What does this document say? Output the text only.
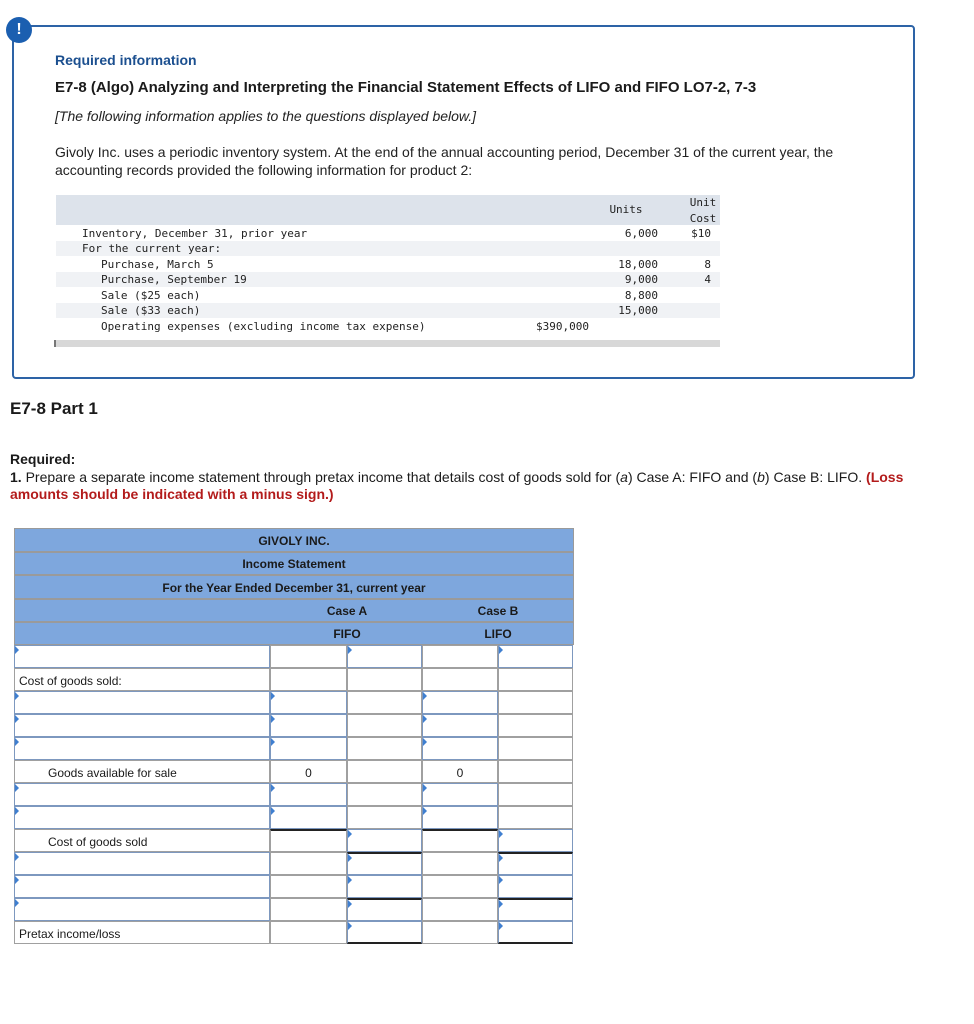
!
Required information
E7-8 (Algo) Analyzing and Interpreting the Financial Statement Effects of LIFO and FIFO LO7-2, 7-3
[The following information applies to the questions displayed below.]
Givoly Inc. uses a periodic inventory system. At the end of the annual accounting period, December 31 of the current year, the accounting records provided the following information for product 2:
Units
Unit
Cost
Inventory, December 31, prior year	6,000	$10
For the current year:
Purchase, March 5	18,000	8
Purchase, September 19	9,000	4
Sale ($25 each)	8,800
Sale ($33 each)	15,000
Operating expenses (excluding income tax expense)	$390,000
E7-8 Part 1
Required:
1. Prepare a separate income statement through pretax income that details cost of goods sold for (a) Case A: FIFO and (b) Case B: LIFO. (Loss amounts should be indicated with a minus sign.)
GIVOLY INC.
Income Statement
For the Year Ended December 31, current year
Case A	Case B
FIFO	LIFO
Cost of goods sold:
Goods available for sale	0	0
Cost of goods sold
Pretax income/loss
